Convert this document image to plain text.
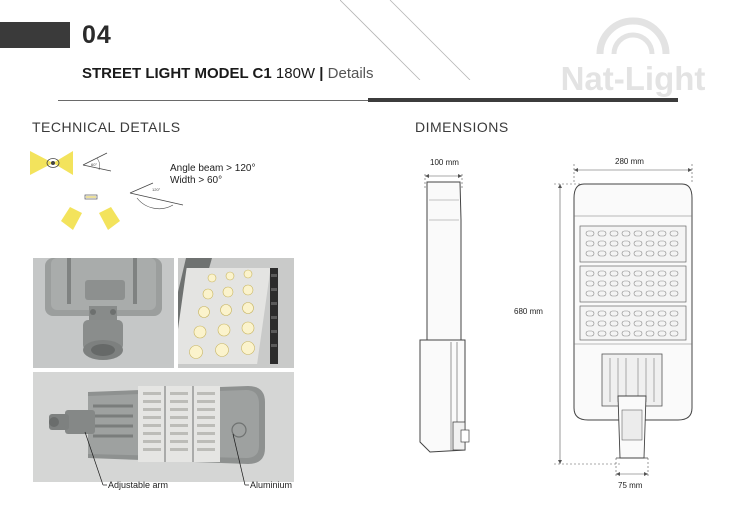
04
STREET LIGHT MODEL C1 180W | Details	Nat-Light
TECHNICAL DETAILS	DIMENSIONS
60°
120°
Angle beam > 120°
Width > 60°
Adjustable arm	Aluminium
100 mm	280 mm
680 mm
75 mm
